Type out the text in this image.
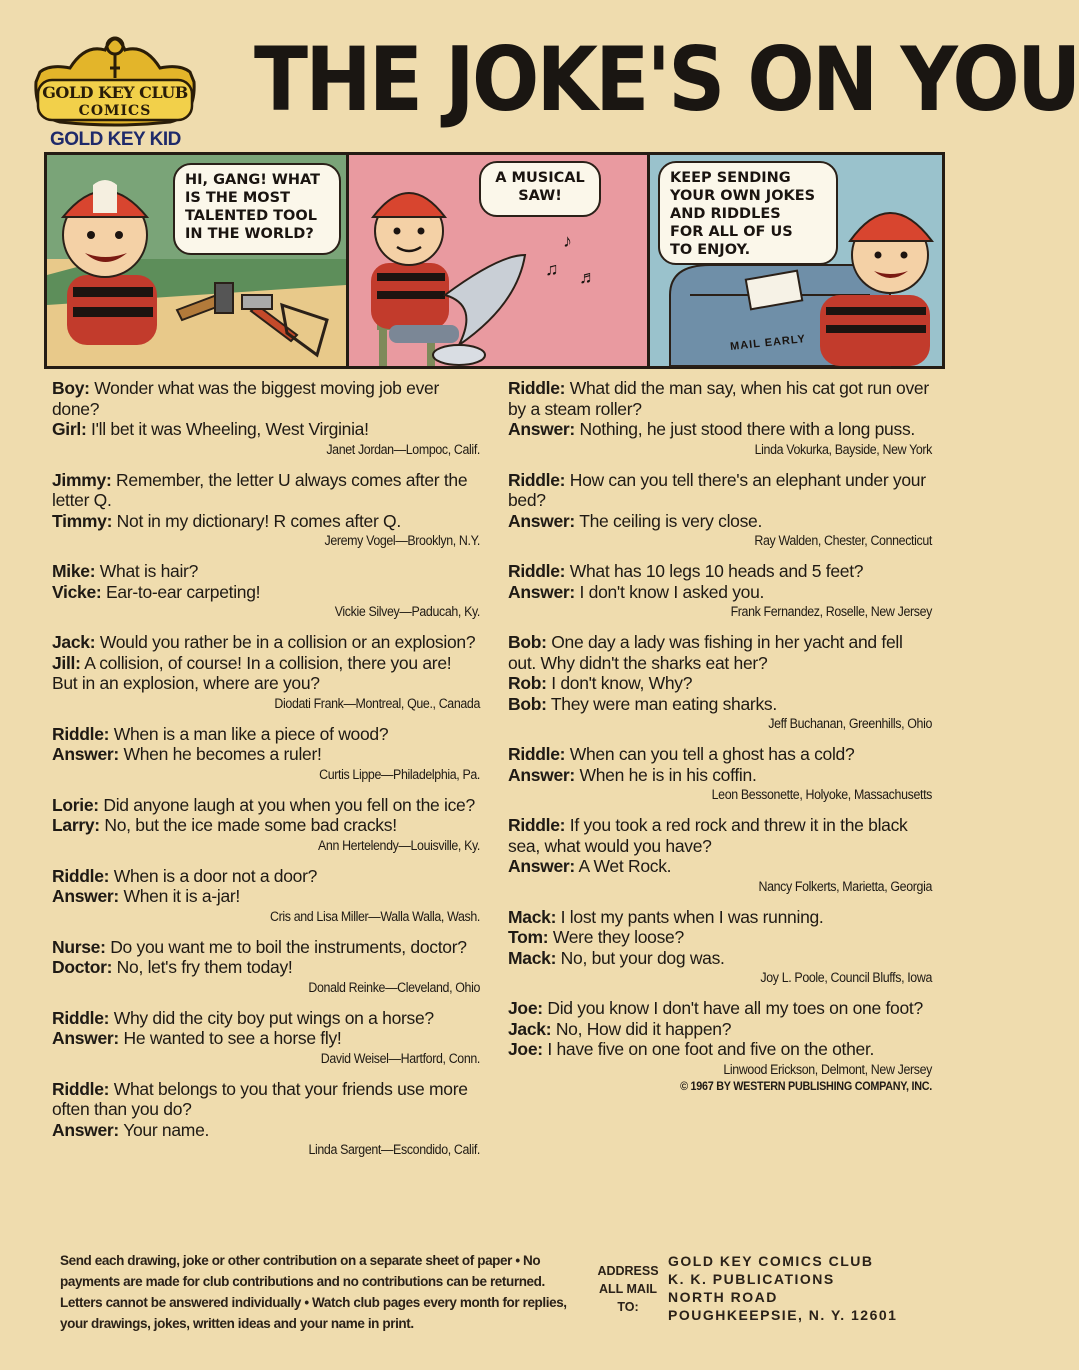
GOLD KEY CLUB
COMICS	THE JOKE'S ON YOU
GOLD KEY KID
HI, GANG! WHAT
IS THE MOST
TALENTED TOOL
IN THE WORLD?
A MUSICAL
SAW!
♪
♫ ♬
KEEP SENDING
YOUR OWN JOKES
AND RIDDLES
FOR ALL OF US
TO ENJOY.
MAIL EARLY
Boy: Wonder what was the biggest moving job ever done?
Girl: I'll bet it was Wheeling, West Virginia!
Janet Jordan—Lompoc, Calif.
Jimmy: Remember, the letter U always comes after the letter Q.
Timmy: Not in my dictionary! R comes after Q.
Jeremy Vogel—Brooklyn, N.Y.
Mike: What is hair?
Vicke: Ear-to-ear carpeting!
Vickie Silvey—Paducah, Ky.
Jack: Would you rather be in a collision or an explosion?
Jill: A collision, of course! In a collision, there you are! But in an explosion, where are you?
Diodati Frank—Montreal, Que., Canada
Riddle: When is a man like a piece of wood?
Answer: When he becomes a ruler!
Curtis Lippe—Philadelphia, Pa.
Lorie: Did anyone laugh at you when you fell on the ice?
Larry: No, but the ice made some bad cracks!
Ann Hertelendy—Louisville, Ky.
Riddle: When is a door not a door?
Answer: When it is a-jar!
Cris and Lisa Miller—Walla Walla, Wash.
Nurse: Do you want me to boil the instruments, doctor?
Doctor: No, let's fry them today!
Donald Reinke—Cleveland, Ohio
Riddle: Why did the city boy put wings on a horse?
Answer: He wanted to see a horse fly!
David Weisel—Hartford, Conn.
Riddle: What belongs to you that your friends use more often than you do?
Answer: Your name.
Linda Sargent—Escondido, Calif.
Riddle: What did the man say, when his cat got run over by a steam roller?
Answer: Nothing, he just stood there with a long puss.
Linda Vokurka, Bayside, New York
Riddle: How can you tell there's an elephant under your bed?
Answer: The ceiling is very close.
Ray Walden, Chester, Connecticut
Riddle: What has 10 legs 10 heads and 5 feet?
Answer: I don't know I asked you.
Frank Fernandez, Roselle, New Jersey
Bob: One day a lady was fishing in her yacht and fell out. Why didn't the sharks eat her?
Rob: I don't know, Why?
Bob: They were man eating sharks.
Jeff Buchanan, Greenhills, Ohio
Riddle: When can you tell a ghost has a cold?
Answer: When he is in his coffin.
Leon Bessonette, Holyoke, Massachusetts
Riddle: If you took a red rock and threw it in the black sea, what would you have?
Answer: A Wet Rock.
Nancy Folkerts, Marietta, Georgia
Mack: I lost my pants when I was running.
Tom: Were they loose?
Mack: No, but your dog was.
Joy L. Poole, Council Bluffs, Iowa
Joe: Did you know I don't have all my toes on one foot?
Jack: No, How did it happen?
Joe: I have five on one foot and five on the other.
Linwood Erickson, Delmont, New Jersey
© 1967 BY WESTERN PUBLISHING COMPANY, INC.
Send each drawing, joke or other contribution on a separate sheet of paper • No payments are made for club contributions and no contributions can be returned. Letters cannot be answered individually • Watch club pages every month for replies, your drawings, jokes, written ideas and your name in print.
ADDRESS ALL MAIL TO:
GOLD KEY COMICS CLUB
K. K. PUBLICATIONS
NORTH ROAD
POUGHKEEPSIE, N. Y. 12601
